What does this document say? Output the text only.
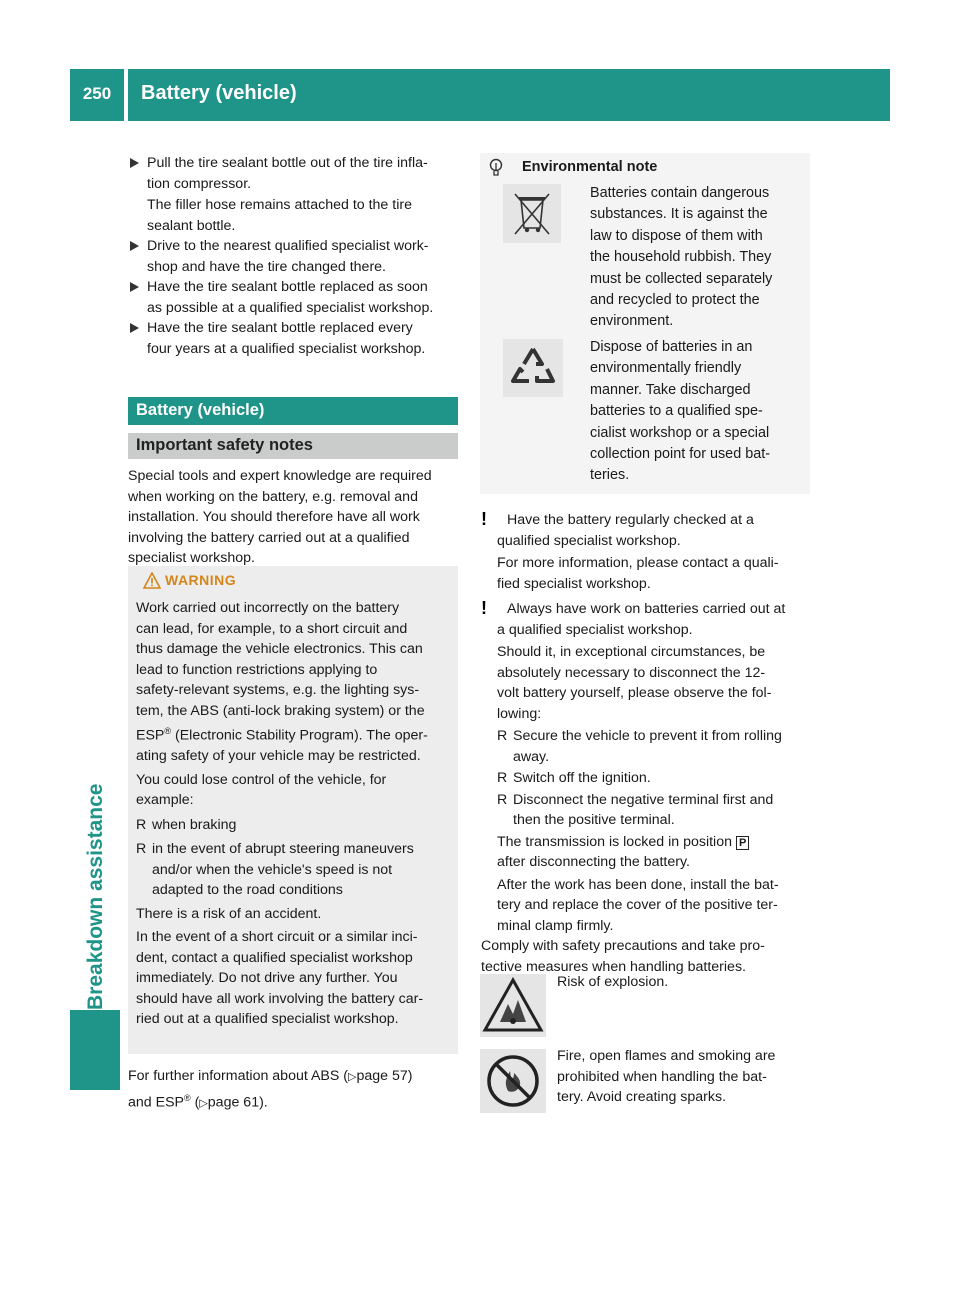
250	Battery (vehicle)
Breakdown assistance
Pull the tire sealant bottle out of the tire infla-
tion compressor.
The filler hose remains attached to the tire
sealant bottle.
Drive to the nearest qualified specialist work-
shop and have the tire changed there.
Have the tire sealant bottle replaced as soon
as possible at a qualified specialist workshop.
Have the tire sealant bottle replaced every
four years at a qualified specialist workshop.
Battery (vehicle)
Important safety notes
Special tools and expert knowledge are required
when working on the battery, e.g. removal and
installation. You should therefore have all work
involving the battery carried out at a qualified
specialist workshop.
WARNING
Work carried out incorrectly on the battery
can lead, for example, to a short circuit and
thus damage the vehicle electronics. This can
lead to function restrictions applying to
safety-relevant systems, e.g. the lighting sys-
tem, the ABS (anti-lock braking system) or the
ESP® (Electronic Stability Program). The oper-
ating safety of your vehicle may be restricted.
You could lose control of the vehicle, for
example:
R when braking
R in the event of abrupt steering maneuvers
and/or when the vehicle's speed is not
adapted to the road conditions
There is a risk of an accident.
In the event of a short circuit or a similar inci-
dent, contact a qualified specialist workshop
immediately. Do not drive any further. You
should have all work involving the battery car-
ried out at a qualified specialist workshop.
For further information about ABS (▷page 57)
and ESP® (▷page 61).
Environmental note
Batteries contain dangerous
substances. It is against the
law to dispose of them with
the household rubbish. They
must be collected separately
and recycled to protect the
environment.
Dispose of batteries in an
environmentally friendly
manner. Take discharged
batteries to a qualified spe-
cialist workshop or a special
collection point for used bat-
teries.
!	Have the battery regularly checked at a
qualified specialist workshop.
For more information, please contact a quali-
fied specialist workshop.
!	Always have work on batteries carried out at
a qualified specialist workshop.
Should it, in exceptional circumstances, be
absolutely necessary to disconnect the 12-
volt battery yourself, please observe the fol-
lowing:
R Secure the vehicle to prevent it from rolling
away.
R Switch off the ignition.
R Disconnect the negative terminal first and
then the positive terminal.
The transmission is locked in position P
after disconnecting the battery.
After the work has been done, install the bat-
tery and replace the cover of the positive ter-
minal clamp firmly.
Comply with safety precautions and take pro-
tective measures when handling batteries.
Risk of explosion.
Fire, open flames and smoking are
prohibited when handling the bat-
tery. Avoid creating sparks.
